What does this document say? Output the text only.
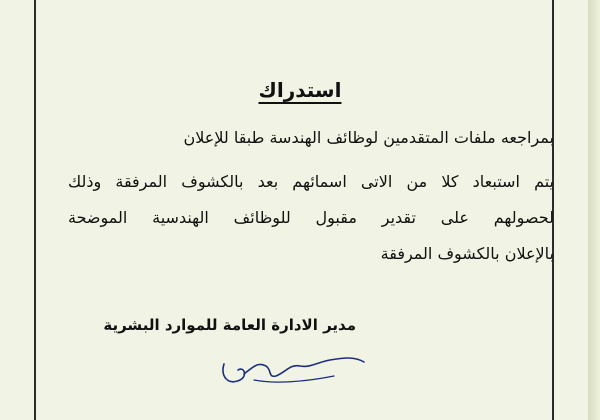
استدراك
بمراجعه ملفات المتقدمين لوظائف الهندسة طبقا للإعلان
يتم استبعاد كلا من الاتى اسمائهم بعد بالكشوف المرفقة وذلك
لحصولهم على تقدير مقبول للوظائف الهندسية الموضحة
بالإعلان بالكشوف المرفقة
مدير الادارة العامة للموارد البشرية
